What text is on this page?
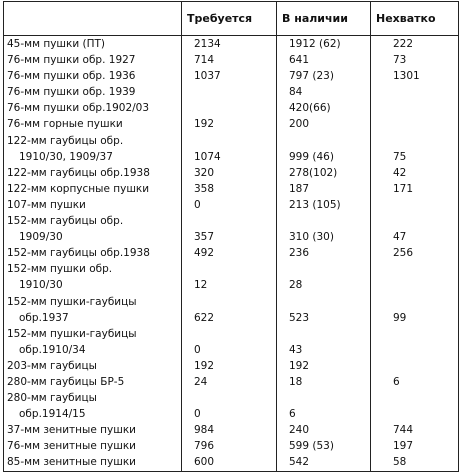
	Требуется	В наличии	Нехватко

45-мм пушки (ПТ)	2134	1912 (62)	222

76-мм пушки обр. 1927	714	641	73

76-мм пушки обр. 1936	1037	797 (23)	1301

76-мм пушки обр. 1939		84	

76-мм пушки обр.1902/03		420(66)	

76-мм горные пушки	192	200	

122-мм гаубицы обр.
1910/30, 1909/37	1074	999 (46)	75

122-мм гаубицы обр.1938	320	278(102)	42

122-мм корпусные пушки	358	187	171

107-мм пушки	0	213 (105)	

152-мм гаубицы обр.
1909/30	357	310 (30)	47

152-мм гаубицы обр.1938	492	236	256

152-мм пушки обр.
1910/30	12	28	

152-мм пушки-гаубицы
обр.1937	622	523	99

152-мм пушки-гаубицы
обр.1910/34	0	43	

203-мм гаубицы	192	192	

280-мм гаубицы БР-5	24	18	6

280-мм гаубицы
обр.1914/15	0	6	

37-мм зенитные пушки	984	240	744

76-мм зенитные пушки	796	599 (53)	197

85-мм зенитные пушки	600	542	58
